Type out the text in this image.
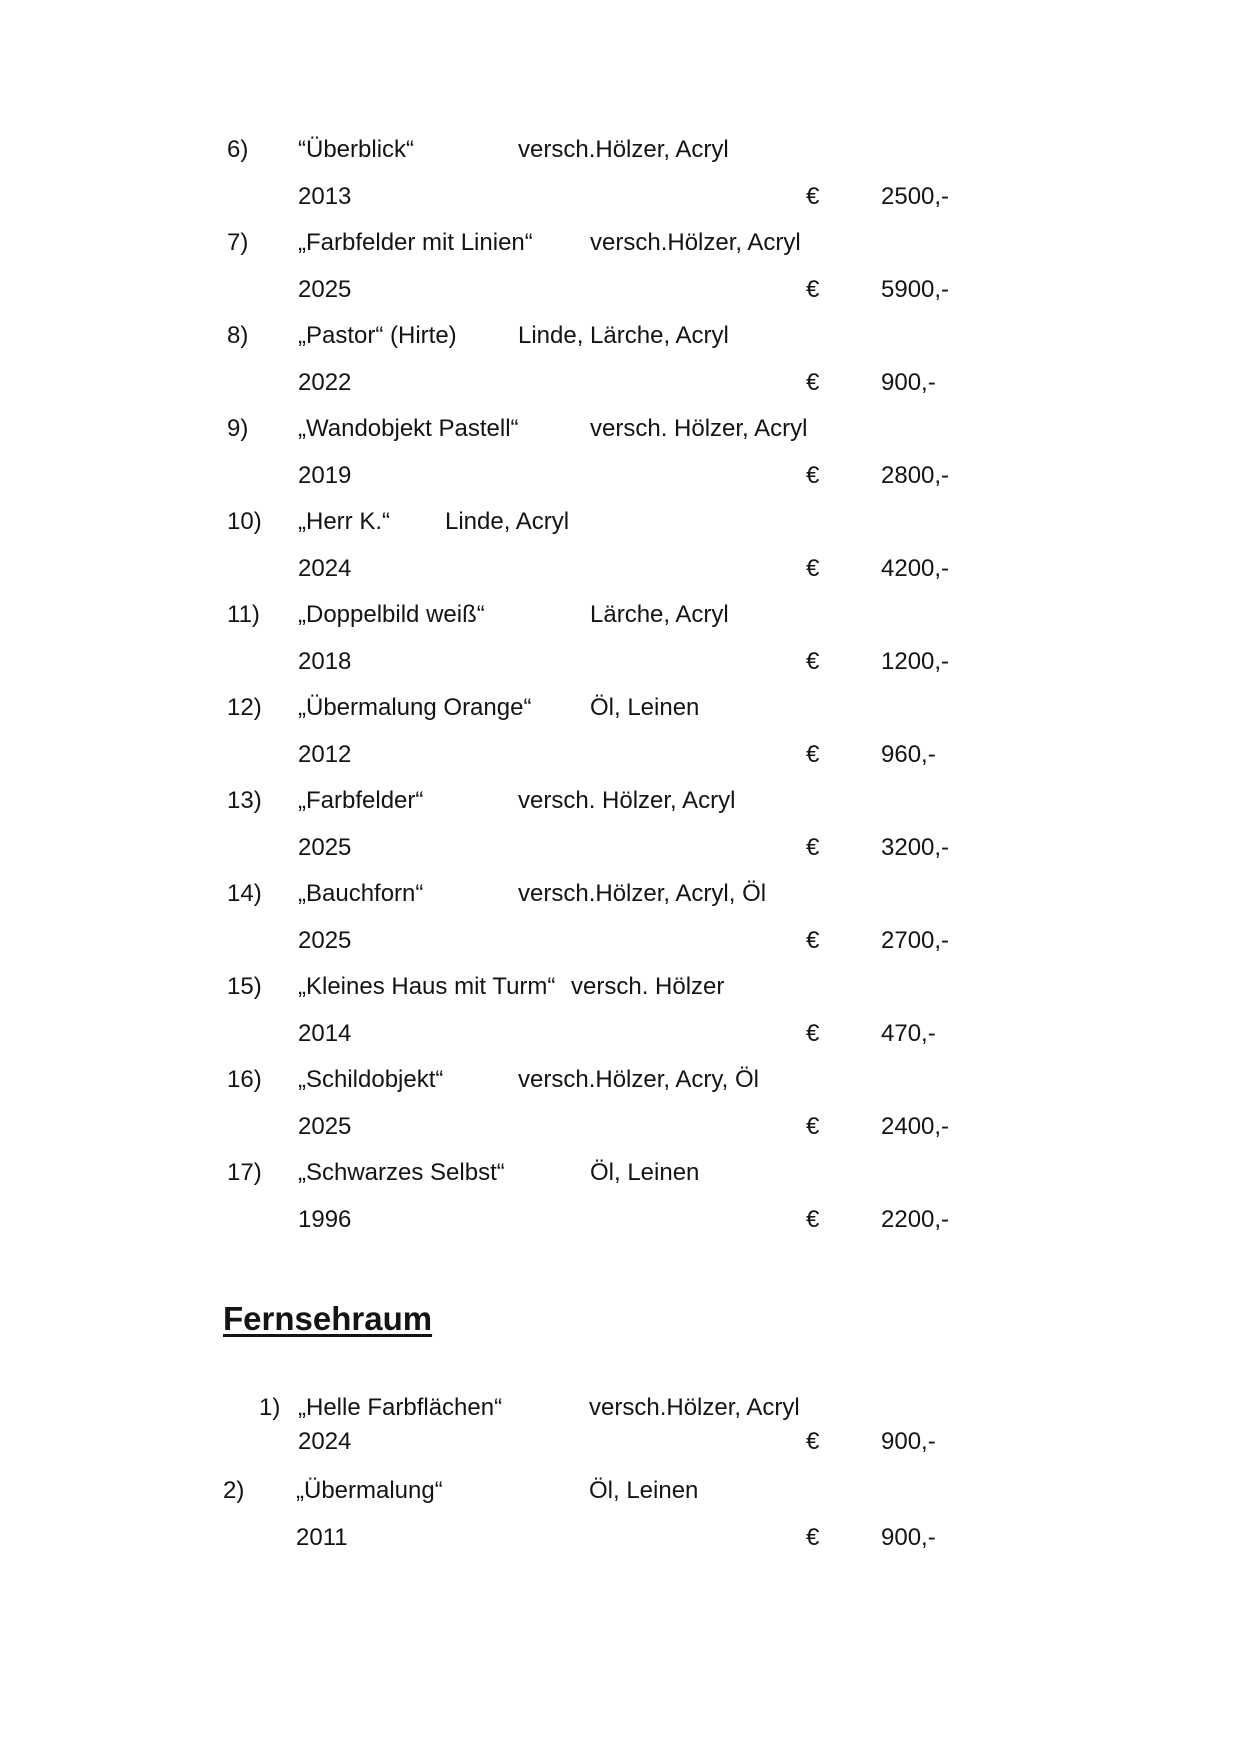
6) “Überblick“	versch.Hölzer, Acryl
2013	€	2500,-
7) „Farbfelder mit Linien“ versch.Hölzer, Acryl
2025	€	5900,-
8) „Pastor“ (Hirte)	Linde, Lärche, Acryl
2022	€	900,-
9) „Wandobjekt Pastell“	versch. Hölzer, Acryl
2019	€	2800,-
10) „Herr K.“ Linde, Acryl
2024	€	4200,-
11) „Doppelbild weiß“	Lärche, Acryl
2018	€	1200,-
12) „Übermalung Orange“ Öl, Leinen
2012	€	960,-
13) „Farbfelder“	versch. Hölzer, Acryl
2025	€	3200,-
14) „Bauchforn“	versch.Hölzer, Acryl, Öl
2025	€	2700,-
15) „Kleines Haus mit Turm“ versch. Hölzer
2014	€	470,-
16) „Schildobjekt“	versch.Hölzer, Acry, Öl
2025	€	2400,-
17) „Schwarzes Selbst“	Öl, Leinen
1996	€	2200,-
Fernsehraum
1) „Helle Farbflächen“	versch.Hölzer, Acryl
2024	€	900,-
2) „Übermalung“	Öl, Leinen
2011	€	900,-
